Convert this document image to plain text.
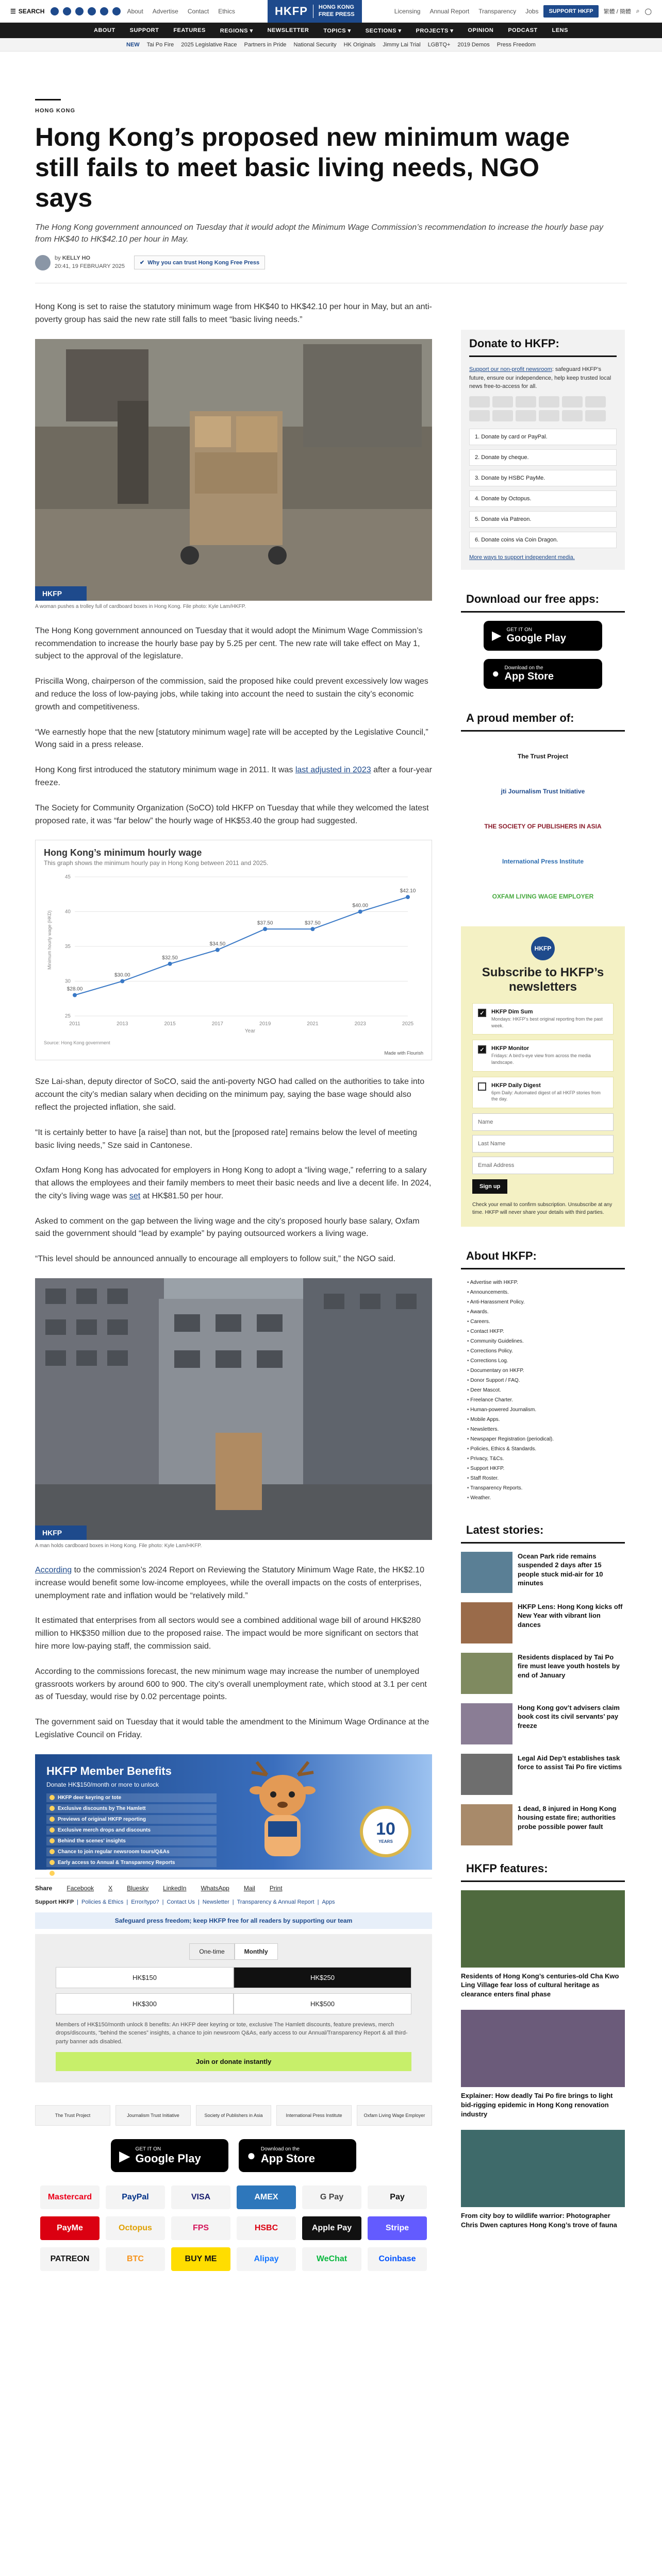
☰ SEARCH	About Advertise Contact Ethics	HKFP	HONG KONG
FREE PRESS	Licensing Annual Report Transparency Jobs	SUPPORT HKFP	繁體 / 簡體 ⌕ ◯
ABOUT	SUPPORT	FEATURES	REGIONS ▾	NEWSLETTER	TOPICS ▾	SECTIONS ▾	PROJECTS ▾	OPINION	PODCAST	LENS
NEW Tai Po Fire 2025 Legislative Race Partners in Pride National Security HK Originals Jimmy Lai Trial LGBTQ+ 2019 Demos Press Freedom
HONG KONG
Hong Kong’s proposed new minimum wage still fails to meet basic living needs, NGO says
The Hong Kong government announced on Tuesday that it would adopt the Minimum Wage Commission’s recommendation to increase the hourly base pay from HK$40 to HK$42.10 per hour in May.
by KELLY HO
20:41, 19 FEBRUARY 2025
✔ Why you can trust Hong Kong Free Press

Hong Kong is set to raise the statutory minimum wage from HK$40 to HK$42.10 per hour in May, but an anti-poverty group has said the new rate still falls to meet “basic living needs.”

HKFP
A woman pushes a trolley full of cardboard boxes in Hong Kong. File photo: Kyle Lam/HKFP.

The Hong Kong government announced on Tuesday that it would adopt the Minimum Wage Commission’s recommendation to increase the hourly base pay by 5.25 per cent. The new rate will take effect on May 1, subject to the approval of the legislature.

Priscilla Wong, chairperson of the commission, said the proposed hike could prevent excessively low wages and reduce the loss of low-paying jobs, while taking into account the need to sustain the city’s economic growth and competitiveness.

“We earnestly hope that the new [statutory minimum wage] rate will be accepted by the Legislative Council,” Wong said in a press release.

Hong Kong first introduced the statutory minimum wage in 2011. It was last adjusted in 2023 after a four-year freeze.

The Society for Community Organization (SoCO) told HKFP on Tuesday that while they welcomed the latest proposed rate, it was “far below” the hourly wage of HK$53.40 the group had suggested.

Hong Kong’s minimum hourly wage
This graph shows the minimum hourly pay in Hong Kong between 2011 and 2025.
25
30
35
40
45
2011	2013	2015	2017	2019	2021	2023	2025
$28.00
$30.00
$32.50
$34.50
$37.50	$37.50
$40.00
$42.10
Minimum hourly wage (HKD)
Year
Source: Hong Kong government
Made with Flourish

Sze Lai-shan, deputy director of SoCO, said the anti-poverty NGO had called on the authorities to take into account the city’s median salary when deciding on the minimum pay, saying the base wage should also reflect the projected inflation, she said.

“It is certainly better to have [a raise] than not, but the [proposed rate] remains below the level of meeting basic living needs,” Sze said in Cantonese.

Oxfam Hong Kong has advocated for employers in Hong Kong to adopt a “living wage,” referring to a salary that allows the employees and their family members to meet their basic needs and live a decent life. In 2024, the city’s living wage was set at HK$81.50 per hour.

Asked to comment on the gap between the living wage and the city’s proposed hourly base salary, Oxfam said the government should “lead by example” by paying outsourced workers a living wage.

“This level should be announced annually to encourage all employers to follow suit,” the NGO said.

HKFP
A man holds cardboard boxes in Hong Kong. File photo: Kyle Lam/HKFP.

According to the commission’s 2024 Report on Reviewing the Statutory Minimum Wage Rate, the HK$2.10 increase would benefit some low-income employees, while the overall impacts on the costs of enterprises, unemployment rate and inflation would be “relatively mild.”

It estimated that enterprises from all sectors would see a combined additional wage bill of around HK$280 million to HK$350 million due to the proposed raise. The impact would be more significant on sectors that hire more low-paying staff, the commission said.

According to the commissions forecast, the new minimum wage may increase the number of unemployed grassroots workers by around 600 to 900. The city’s overall unemployment rate, which stood at 3.1 per cent as of Tuesday, would rise by 0.02 percentage points.

The government said on Tuesday that it would table the amendment to the Minimum Wage Ordinance at the Legislative Council on Friday.

HKFP Member Benefits
Donate HK$150/month or more to unlock
HKFP deer keyring or tote
Exclusive discounts by The Hamlett
Previews of original HKFP reporting
Exclusive merch drops and discounts
Behind the scenes' insights
Chance to join regular newsroom tours/Q&As
Early access to Annual & Transparency Reports
All third-party banner ads disabled
10
YEARS
Share Facebook X Bluesky LinkedIn WhatsApp Mail Print
Support HKFP | Policies & Ethics | Error/typo? | Contact Us | Newsletter | Transparency & Annual Report | Apps
Safeguard press freedom; keep HKFP free for all readers by supporting our team
One-time	Monthly
HK$150	HK$250
HK$300	HK$500
Members of HK$150/month unlock 8 benefits: An HKFP deer keyring or tote, exclusive The Hamlett discounts, feature previews, merch drops/discounts, “behind the scenes” insights, a chance to join newsroom Q&As, early access to our Annual/Transparency Report & all third-party banner ads disabled.
Join or donate instantly
The Trust Project	Journalism Trust Initiative	Society of Publishers in Asia	International Press Institute	Oxfam Living Wage Employer
▶ GET IT ON
Google Play	● Download on the
App Store
Mastercard	PayPal	VISA	AMEX	G Pay	Pay
PayMe	Octopus	FPS	HSBC	Apple Pay	Stripe
PATREON	BTC	BUY ME	Alipay	WeChat	Coinbase
Donate to HKFP:
Support our non-profit newsroom: safeguard HKFP’s future, ensure our independence, help keep trusted local news free-to-access for all.
1. Donate by card or PayPal.
2. Donate by cheque.
3. Donate by HSBC PayMe.
4. Donate by Octopus.
5. Donate via Patreon.
6. Donate coins via Coin Dragon.
More ways to support independent media.
Download our free apps:
▶ GET IT ON
Google Play
● Download on the
App Store
A proud member of:
The Trust Project
jti Journalism Trust Initiative
THE SOCIETY OF PUBLISHERS IN ASIA
International Press Institute
OXFAM LIVING WAGE EMPLOYER
HKFP
Subscribe to HKFP’s newsletters
✓	HKFP Dim Sum
Mondays: HKFP’s best original reporting from the past week.
✓	HKFP Monitor
Fridays: A bird’s-eye view from across the media landscape.
HKFP Daily Digest
6pm Daily: Automated digest of all HKFP stories from the day.
Name
Last Name
Email Address
Sign up
Check your email to confirm subscription. Unsubscribe at any time. HKFP will never share your details with third parties.
About HKFP:
• Advertise with HKFP.
• Announcements.
• Anti-Harassment Policy.
• Awards.
• Careers.
• Contact HKFP.
• Community Guidelines.
• Corrections Policy.
• Corrections Log.
• Documentary on HKFP.
• Donor Support / FAQ.
• Deer Mascot.
• Freelance Charter.
• Human-powered Journalism.
• Mobile Apps.
• Newsletters.
• Newspaper Registration (periodical).
• Policies, Ethics & Standards.
• Privacy, T&Cs.
• Support HKFP.
• Staff Roster.
• Transparency Reports.
• Weather.
Latest stories:
Ocean Park ride remains suspended 2 days after 15 people stuck mid-air for 10 minutes
HKFP Lens: Hong Kong kicks off New Year with vibrant lion dances
Residents displaced by Tai Po fire must leave youth hostels by end of January
Hong Kong gov’t advisers claim book cost its civil servants’ pay freeze
Legal Aid Dep’t establishes task force to assist Tai Po fire victims
1 dead, 8 injured in Hong Kong housing estate fire; authorities probe possible power fault
HKFP features:
Residents of Hong Kong’s centuries-old Cha Kwo Ling Village fear loss of cultural heritage as clearance enters final phase
Explainer: How deadly Tai Po fire brings to light bid-rigging epidemic in Hong Kong renovation industry
From city boy to wildlife warrior: Photographer Chris Dwen captures Hong Kong’s trove of fauna
